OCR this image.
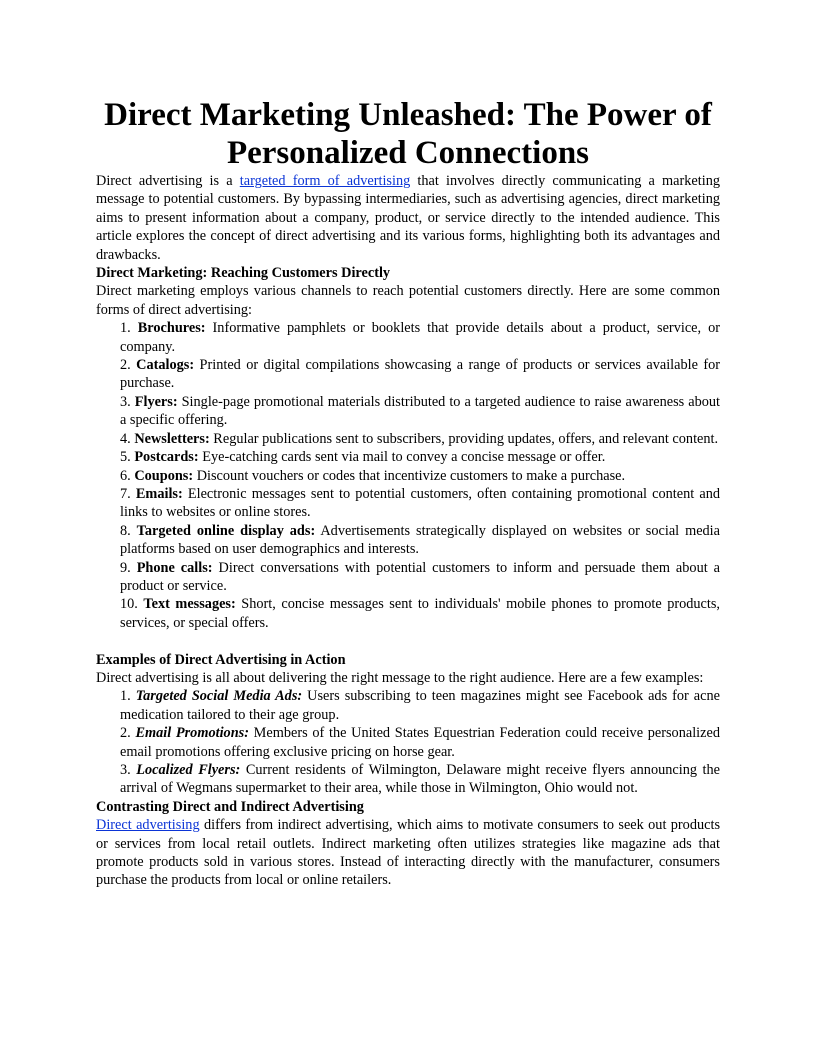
Direct Marketing Unleashed: The Power of Personalized Connections

Direct advertising is a targeted form of advertising that involves directly communicating a marketing message to potential customers. By bypassing intermediaries, such as advertising agencies, direct marketing aims to present information about a company, product, or service directly to the intended audience. This article explores the concept of direct advertising and its various forms, highlighting both its advantages and drawbacks.

Direct Marketing: Reaching Customers Directly

Direct marketing employs various channels to reach potential customers directly. Here are some common forms of direct advertising:

1. Brochures: Informative pamphlets or booklets that provide details about a product, service, or company.
2. Catalogs: Printed or digital compilations showcasing a range of products or services available for purchase.
3. Flyers: Single-page promotional materials distributed to a targeted audience to raise awareness about a specific offering.
4. Newsletters: Regular publications sent to subscribers, providing updates, offers, and relevant content.
5. Postcards: Eye-catching cards sent via mail to convey a concise message or offer.
6. Coupons: Discount vouchers or codes that incentivize customers to make a purchase.
7. Emails: Electronic messages sent to potential customers, often containing promotional content and links to websites or online stores.
8. Targeted online display ads: Advertisements strategically displayed on websites or social media platforms based on user demographics and interests.
9. Phone calls: Direct conversations with potential customers to inform and persuade them about a product or service.
10. Text messages: Short, concise messages sent to individuals' mobile phones to promote products, services, or special offers.

Examples of Direct Advertising in Action

Direct advertising is all about delivering the right message to the right audience. Here are a few examples:

1. Targeted Social Media Ads: Users subscribing to teen magazines might see Facebook ads for acne medication tailored to their age group.
2. Email Promotions: Members of the United States Equestrian Federation could receive personalized email promotions offering exclusive pricing on horse gear.
3. Localized Flyers: Current residents of Wilmington, Delaware might receive flyers announcing the arrival of Wegmans supermarket to their area, while those in Wilmington, Ohio would not.

Contrasting Direct and Indirect Advertising

Direct advertising differs from indirect advertising, which aims to motivate consumers to seek out products or services from local retail outlets. Indirect marketing often utilizes strategies like magazine ads that promote products sold in various stores. Instead of interacting directly with the manufacturer, consumers purchase the products from local or online retailers.
